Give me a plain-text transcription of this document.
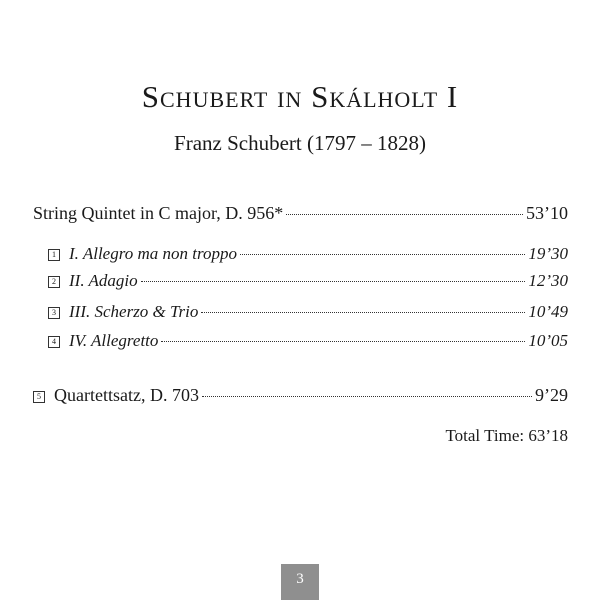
Schubert in Skálholt I
Franz Schubert (1797 – 1828)
String Quintet in C major, D. 956*	53’10
1 I. Allegro ma non troppo	19’30
2 II. Adagio	12’30
3 III. Scherzo & Trio	10’49
4 IV. Allegretto	10’05
5 Quartettsatz, D. 703	9’29
Total Time: 63’18
3
